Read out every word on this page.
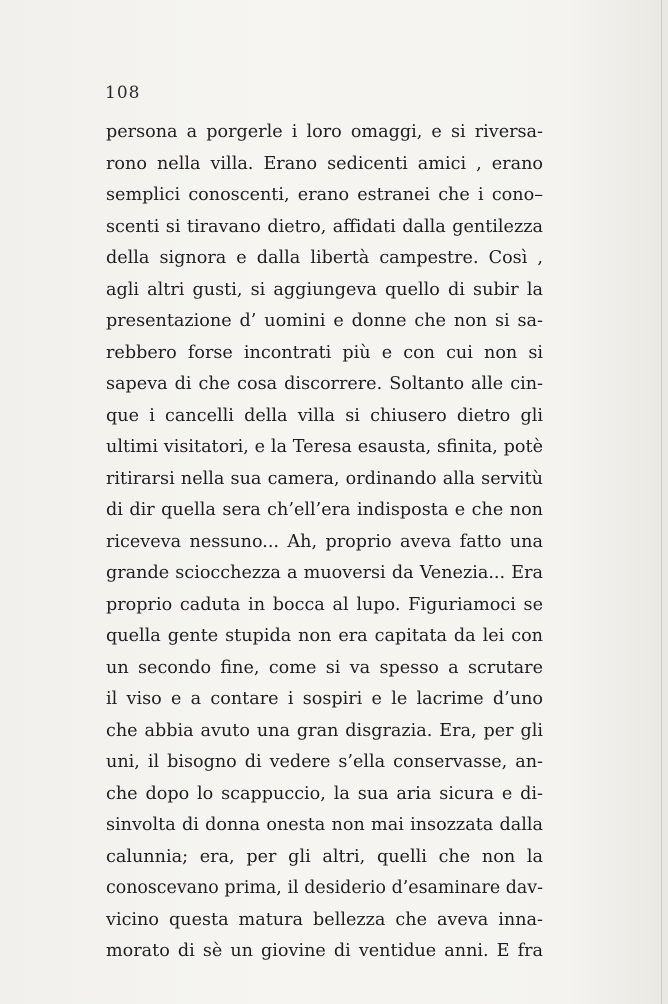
108
persona a porgerle i loro omaggi, e si riversa-
rono nella villa. Erano sedicenti amici , erano
semplici conoscenti, erano estranei che i cono–
scenti si tiravano dietro, affidati dalla gentilezza
della signora e dalla libertà campestre. Così ,
agli altri gusti, si aggiungeva quello di subir la
presentazione d’ uomini e donne che non si sa-
rebbero forse incontrati più e con cui non si
sapeva di che cosa discorrere. Soltanto alle cin-
que i cancelli della villa si chiusero dietro gli
ultimi visitatori, e la Teresa esausta, sfinita, potè
ritirarsi nella sua camera, ordinando alla servitù
di dir quella sera ch’ell’era indisposta e che non
riceveva nessuno... Ah, proprio aveva fatto una
grande sciocchezza a muoversi da Venezia... Era
proprio caduta in bocca al lupo. Figuriamoci se
quella gente stupida non era capitata da lei con
un secondo fine, come si va spesso a scrutare
il viso e a contare i sospiri e le lacrime d’uno
che abbia avuto una gran disgrazia. Era, per gli
uni, il bisogno di vedere s’ella conservasse, an-
che dopo lo scappuccio, la sua aria sicura e di-
sinvolta di donna onesta non mai insozzata dalla
calunnia; era, per gli altri, quelli che non la
conoscevano prima, il desiderio d’esaminare dav-
vicino questa matura bellezza che aveva inna-
morato di sè un giovine di ventidue anni. E fra
